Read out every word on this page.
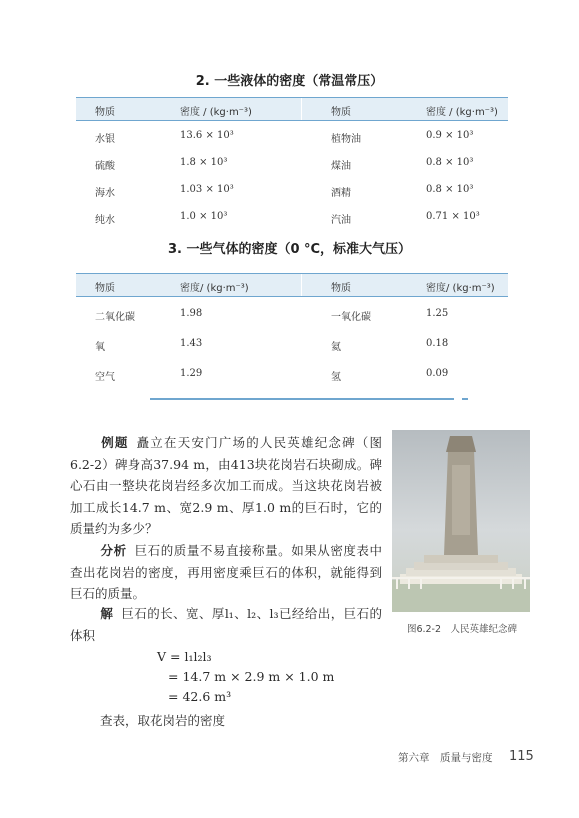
2. 一些液体的密度（常温常压）
物质	密度 / (kg·m⁻³)	物质	密度 / (kg·m⁻³)
水银	13.6 × 10³	植物油	0.9 × 10³
硫酸	1.8 × 10³	煤油	0.8 × 10³
海水	1.03 × 10³	酒精	0.8 × 10³
纯水	1.0 × 10³	汽油	0.71 × 10³
3. 一些气体的密度（0 °C，标准大气压）
物质	密度/ (kg·m⁻³)	物质	密度/ (kg·m⁻³)
二氧化碳	1.98	一氧化碳	1.25
氧	1.43	氦	0.18
空气	1.29	氢	0.09
例题 矗立在天安门广场的人民英雄纪念碑（图6.2-2）碑身高37.94 m，由413块花岗岩石块砌成。碑心石由一整块花岗岩经多次加工而成。当这块花岗岩被加工成长14.7 m、宽2.9 m、厚1.0 m的巨石时，它的质量约为多少？
分析 巨石的质量不易直接称量。如果从密度表中查出花岗岩的密度，再用密度乘巨石的体积，就能得到巨石的质量。
解 巨石的长、宽、厚l₁、l₂、l₃已经给出，巨石的体积
V = l₁l₂l₃
= 14.7 m × 2.9 m × 1.0 m
= 42.6 m³
查表，取花岗岩的密度
图6.2-2　人民英雄纪念碑
第六章　质量与密度 115
